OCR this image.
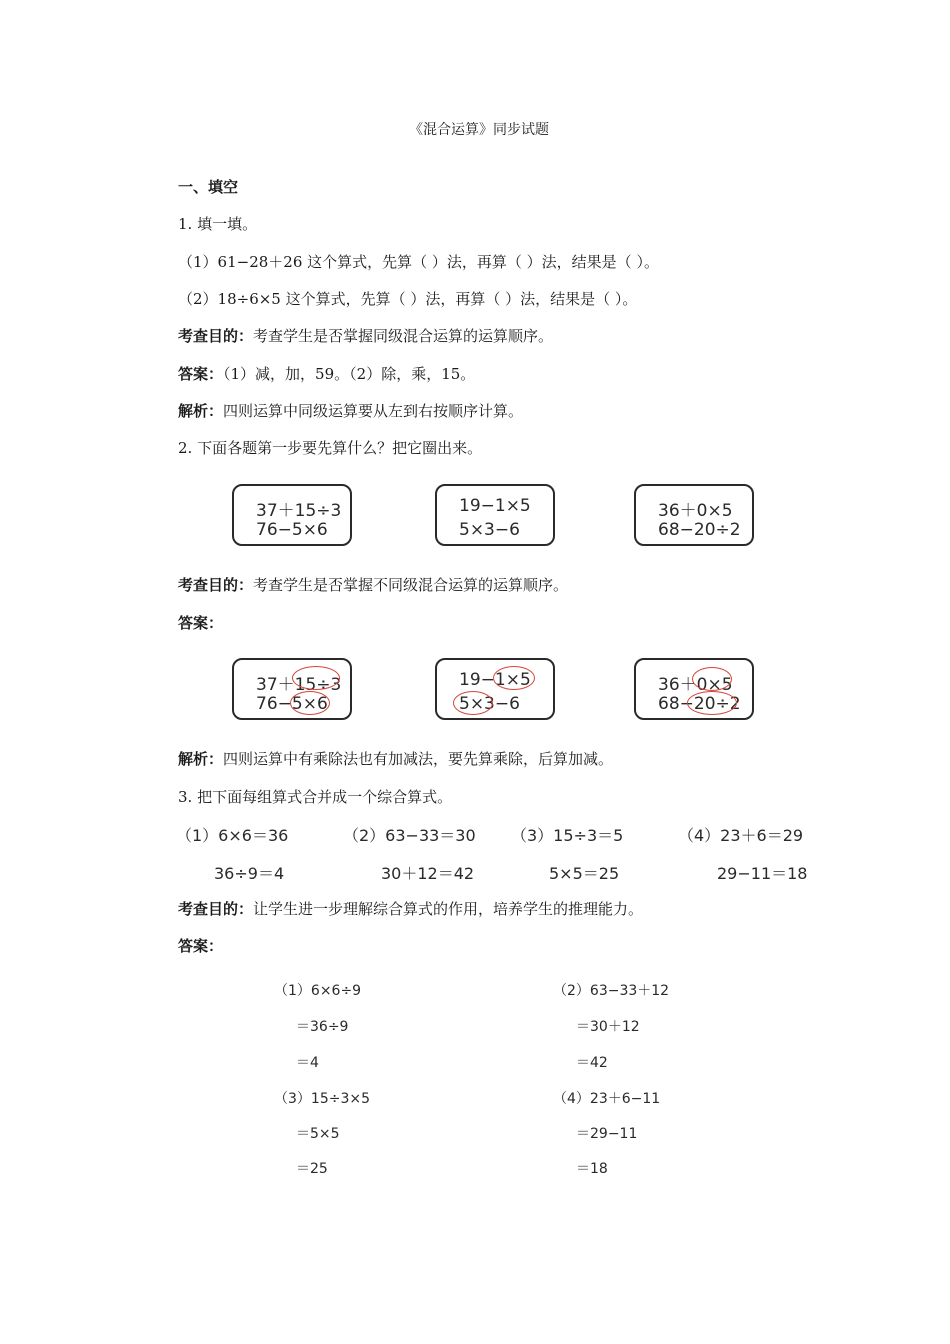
《混合运算》同步试题
一、填空
1. 填一填。
（1）61−28＋26 这个算式，先算（ ）法，再算（ ）法，结果是（ ）。
（2）18÷6×5 这个算式，先算（ ）法，再算（ ）法，结果是（ ）。
考查目的：考查学生是否掌握同级混合运算的运算顺序。
答案：（1）减，加，59。（2）除，乘，15。
解析：四则运算中同级运算要从左到右按顺序计算。
2. 下面各题第一步要先算什么？把它圈出来。
37＋15÷3
76−5×6
19−1×5
5×3−6
36＋0×5
68−20÷2
考查目的：考查学生是否掌握不同级混合运算的运算顺序。
答案：
37＋15÷3
76−5×6
19−1×5
5×3−6
36＋0×5
68−20÷2
解析：四则运算中有乘除法也有加减法，要先算乘除，后算加减。
3. 把下面每组算式合并成一个综合算式。
（1）6×6＝36
36÷9＝4
（2）63−33＝30
30＋12＝42
（3）15÷3＝5
5×5＝25
（4）23＋6＝29
29−11＝18
考查目的：让学生进一步理解综合算式的作用，培养学生的推理能力。
答案：
（1）6×6÷9
＝36÷9
＝4
（2）63−33＋12
＝30＋12
＝42
（3）15÷3×5
＝5×5
＝25
（4）23＋6−11
＝29−11
＝18
